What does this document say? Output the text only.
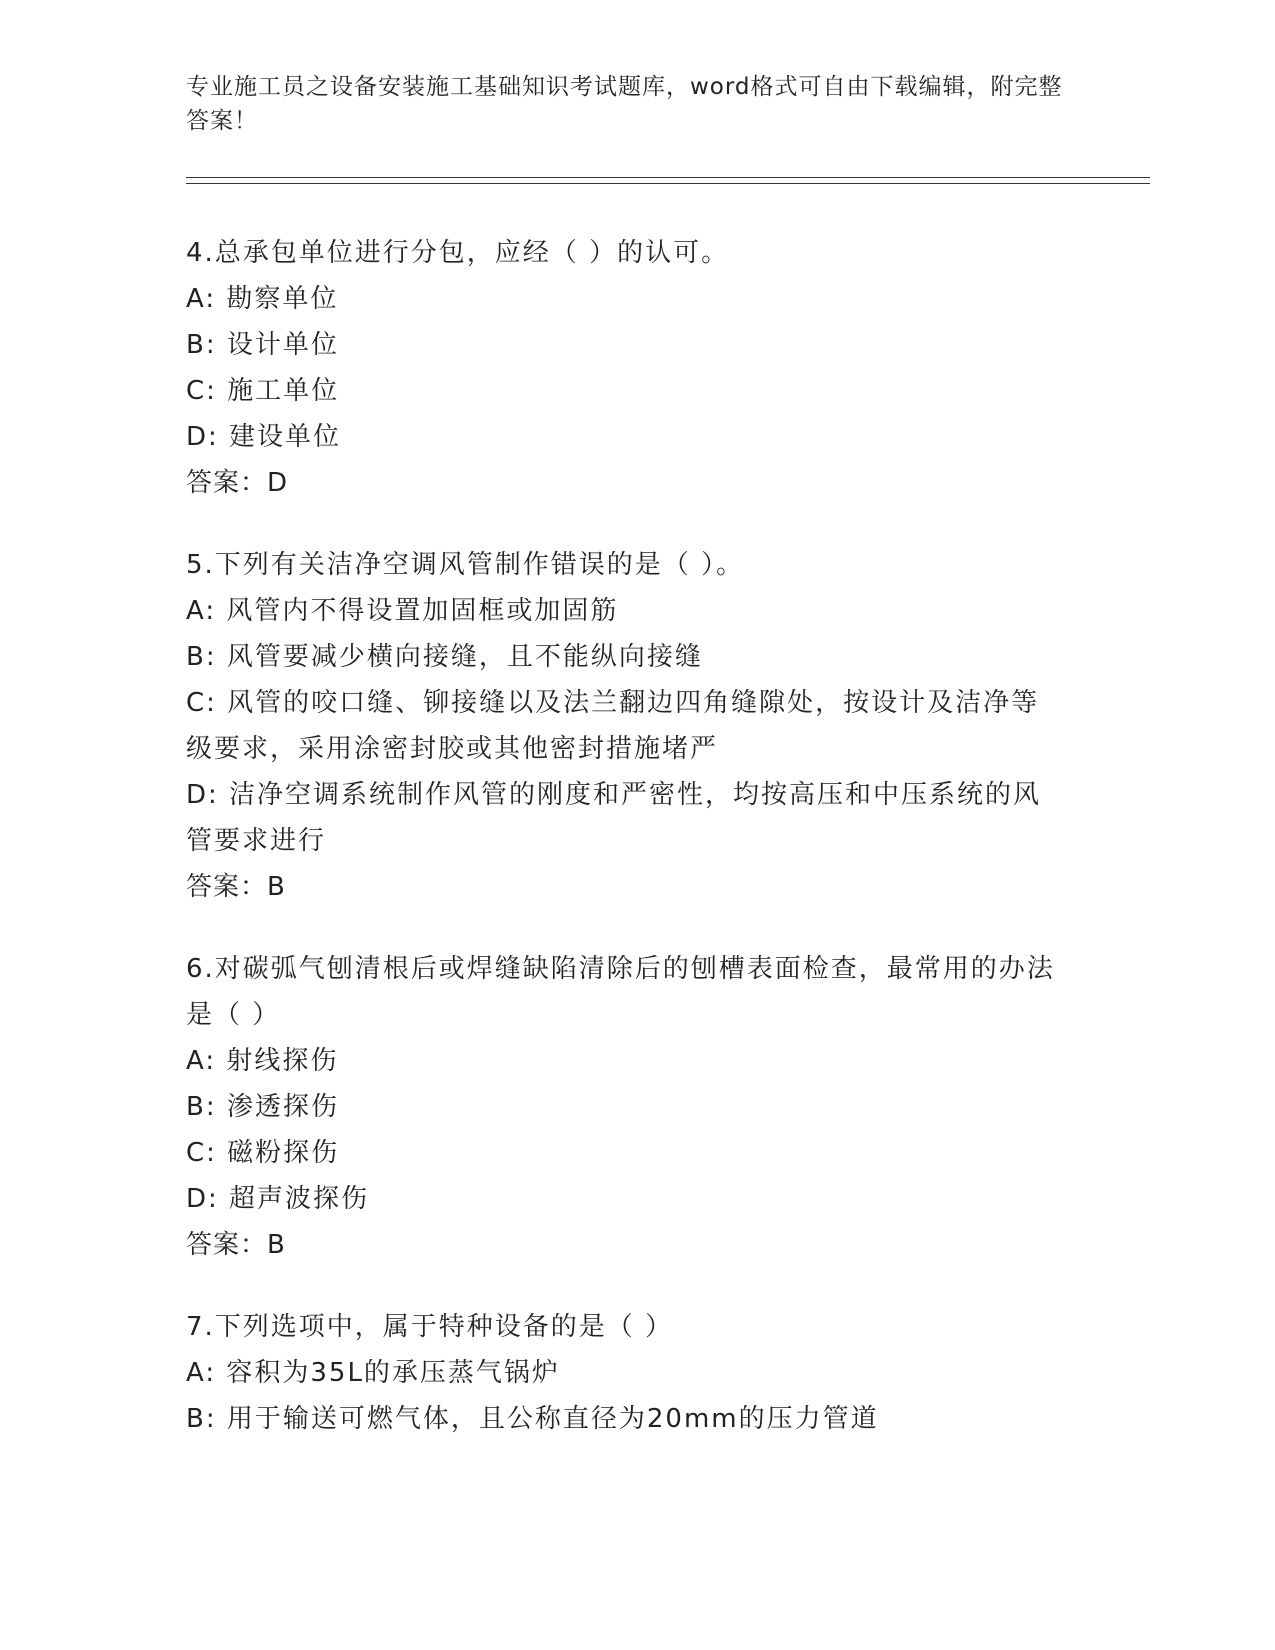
专业施工员之设备安装施工基础知识考试题库，word格式可自由下载编辑，附完整答案！
4.总承包单位进行分包，应经（ ）的认可。
A: 勘察单位
B: 设计单位
C: 施工单位
D: 建设单位
答案：D
5.下列有关洁净空调风管制作错误的是（ ）。
A: 风管内不得设置加固框或加固筋
B: 风管要减少横向接缝，且不能纵向接缝
C: 风管的咬口缝、铆接缝以及法兰翻边四角缝隙处，按设计及洁净等级要求，采用涂密封胶或其他密封措施堵严
D: 洁净空调系统制作风管的刚度和严密性，均按高压和中压系统的风管要求进行
答案：B
6.对碳弧气刨清根后或焊缝缺陷清除后的刨槽表面检查，最常用的办法是（ ）
A: 射线探伤
B: 渗透探伤
C: 磁粉探伤
D: 超声波探伤
答案：B
7.下列选项中，属于特种设备的是（ ）
A: 容积为35L的承压蒸气锅炉
B: 用于输送可燃气体，且公称直径为20mm的压力管道
